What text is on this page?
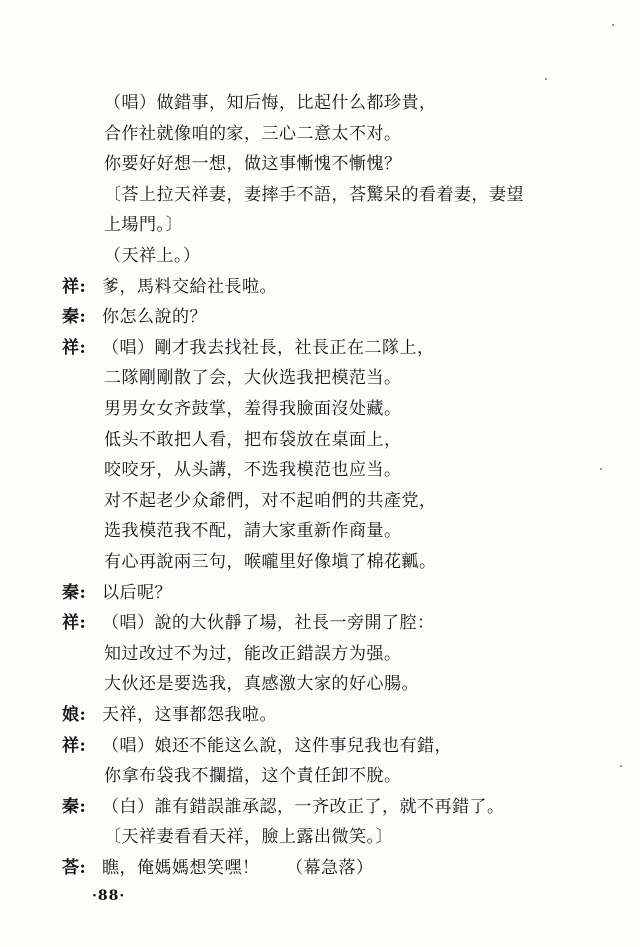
（唱）做錯事，知后悔，比起什么都珍貴，
合作社就像咱的家，三心二意太不对。
你要好好想一想，做这事慚愧不慚愧？
〔荅上拉天祥妻，妻摔手不語，荅驚呆的看着妻，妻望
上場門。〕
（天祥上。）
祥: 爹，馬料交給社長啦。
秦: 你怎么說的？
祥: （唱）剛才我去找社長，社長正在二隊上，
二隊剛剛散了会，大伙选我把模范当。
男男女女齐鼓掌，羞得我臉面沒处藏。
低头不敢把人看，把布袋放在桌面上，
咬咬牙，从头講，不选我模范也应当。
对不起老少众爺們，对不起咱們的共產党，
选我模范我不配，請大家重新作商量。
有心再說兩三句，喉嚨里好像塡了棉花瓤。
秦: 以后呢？
祥: （唱）說的大伙靜了場，社長一旁開了腔：
知过改过不为过，能改正錯誤方为强。
大伙还是要选我，真感激大家的好心腸。
娘: 天祥，这事都怨我啦。
祥: （唱）娘还不能这么說，这件事兒我也有錯，
你拿布袋我不攔擋，这个責任卸不脫。
秦: （白）誰有錯誤誰承認，一齐改正了，就不再錯了。
〔天祥妻看看天祥，臉上露出微笑。〕
荅: 瞧，俺媽媽想笑嘿！　　（幕急落）
·88·
